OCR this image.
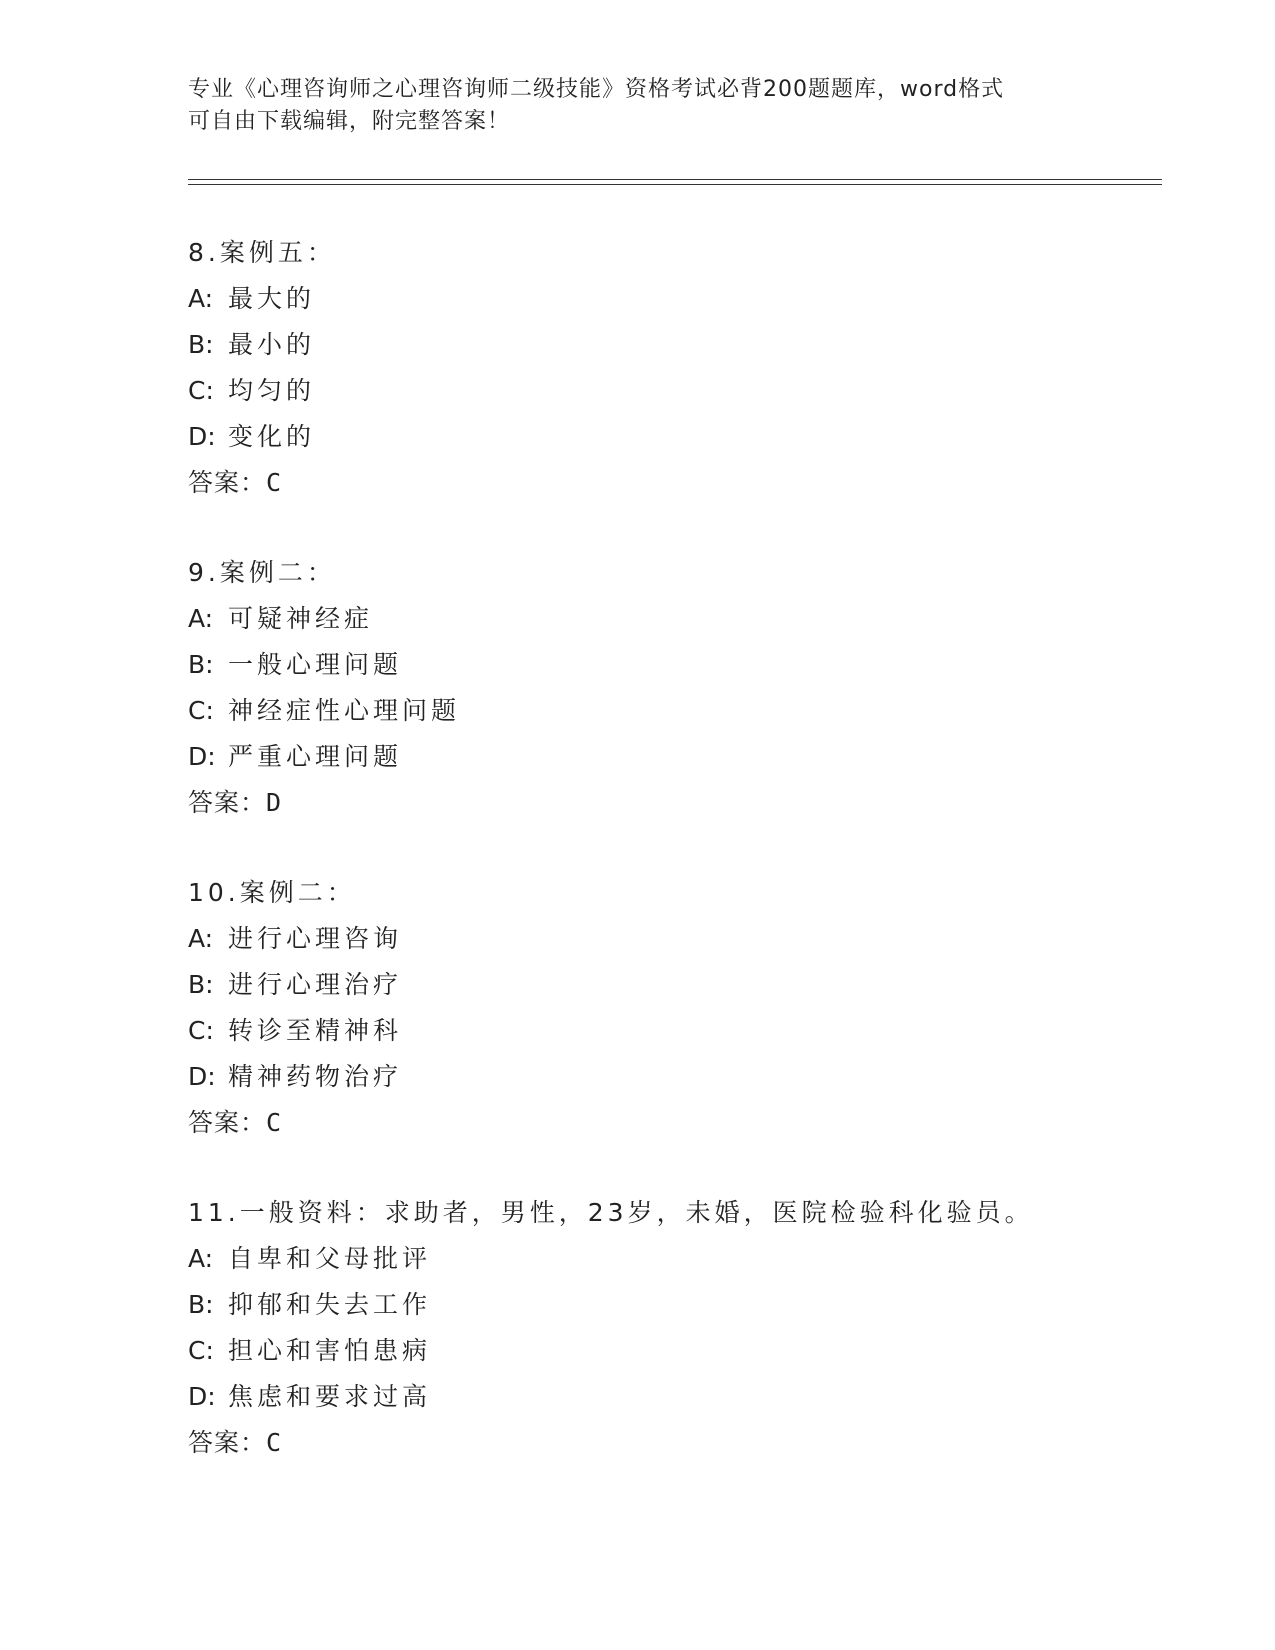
专业《心理咨询师之心理咨询师二级技能》资格考试必背200题题库，word格式
可自由下载编辑，附完整答案！
8.案例五：
A: 最大的
B: 最小的
C: 均匀的
D: 变化的
答案：C
9.案例二：
A: 可疑神经症
B: 一般心理问题
C: 神经症性心理问题
D: 严重心理问题
答案：D
10.案例二：
A: 进行心理咨询
B: 进行心理治疗
C: 转诊至精神科
D: 精神药物治疗
答案：C
11.一般资料：求助者，男性，23岁，未婚，医院检验科化验员。
A: 自卑和父母批评
B: 抑郁和失去工作
C: 担心和害怕患病
D: 焦虑和要求过高
答案：C
